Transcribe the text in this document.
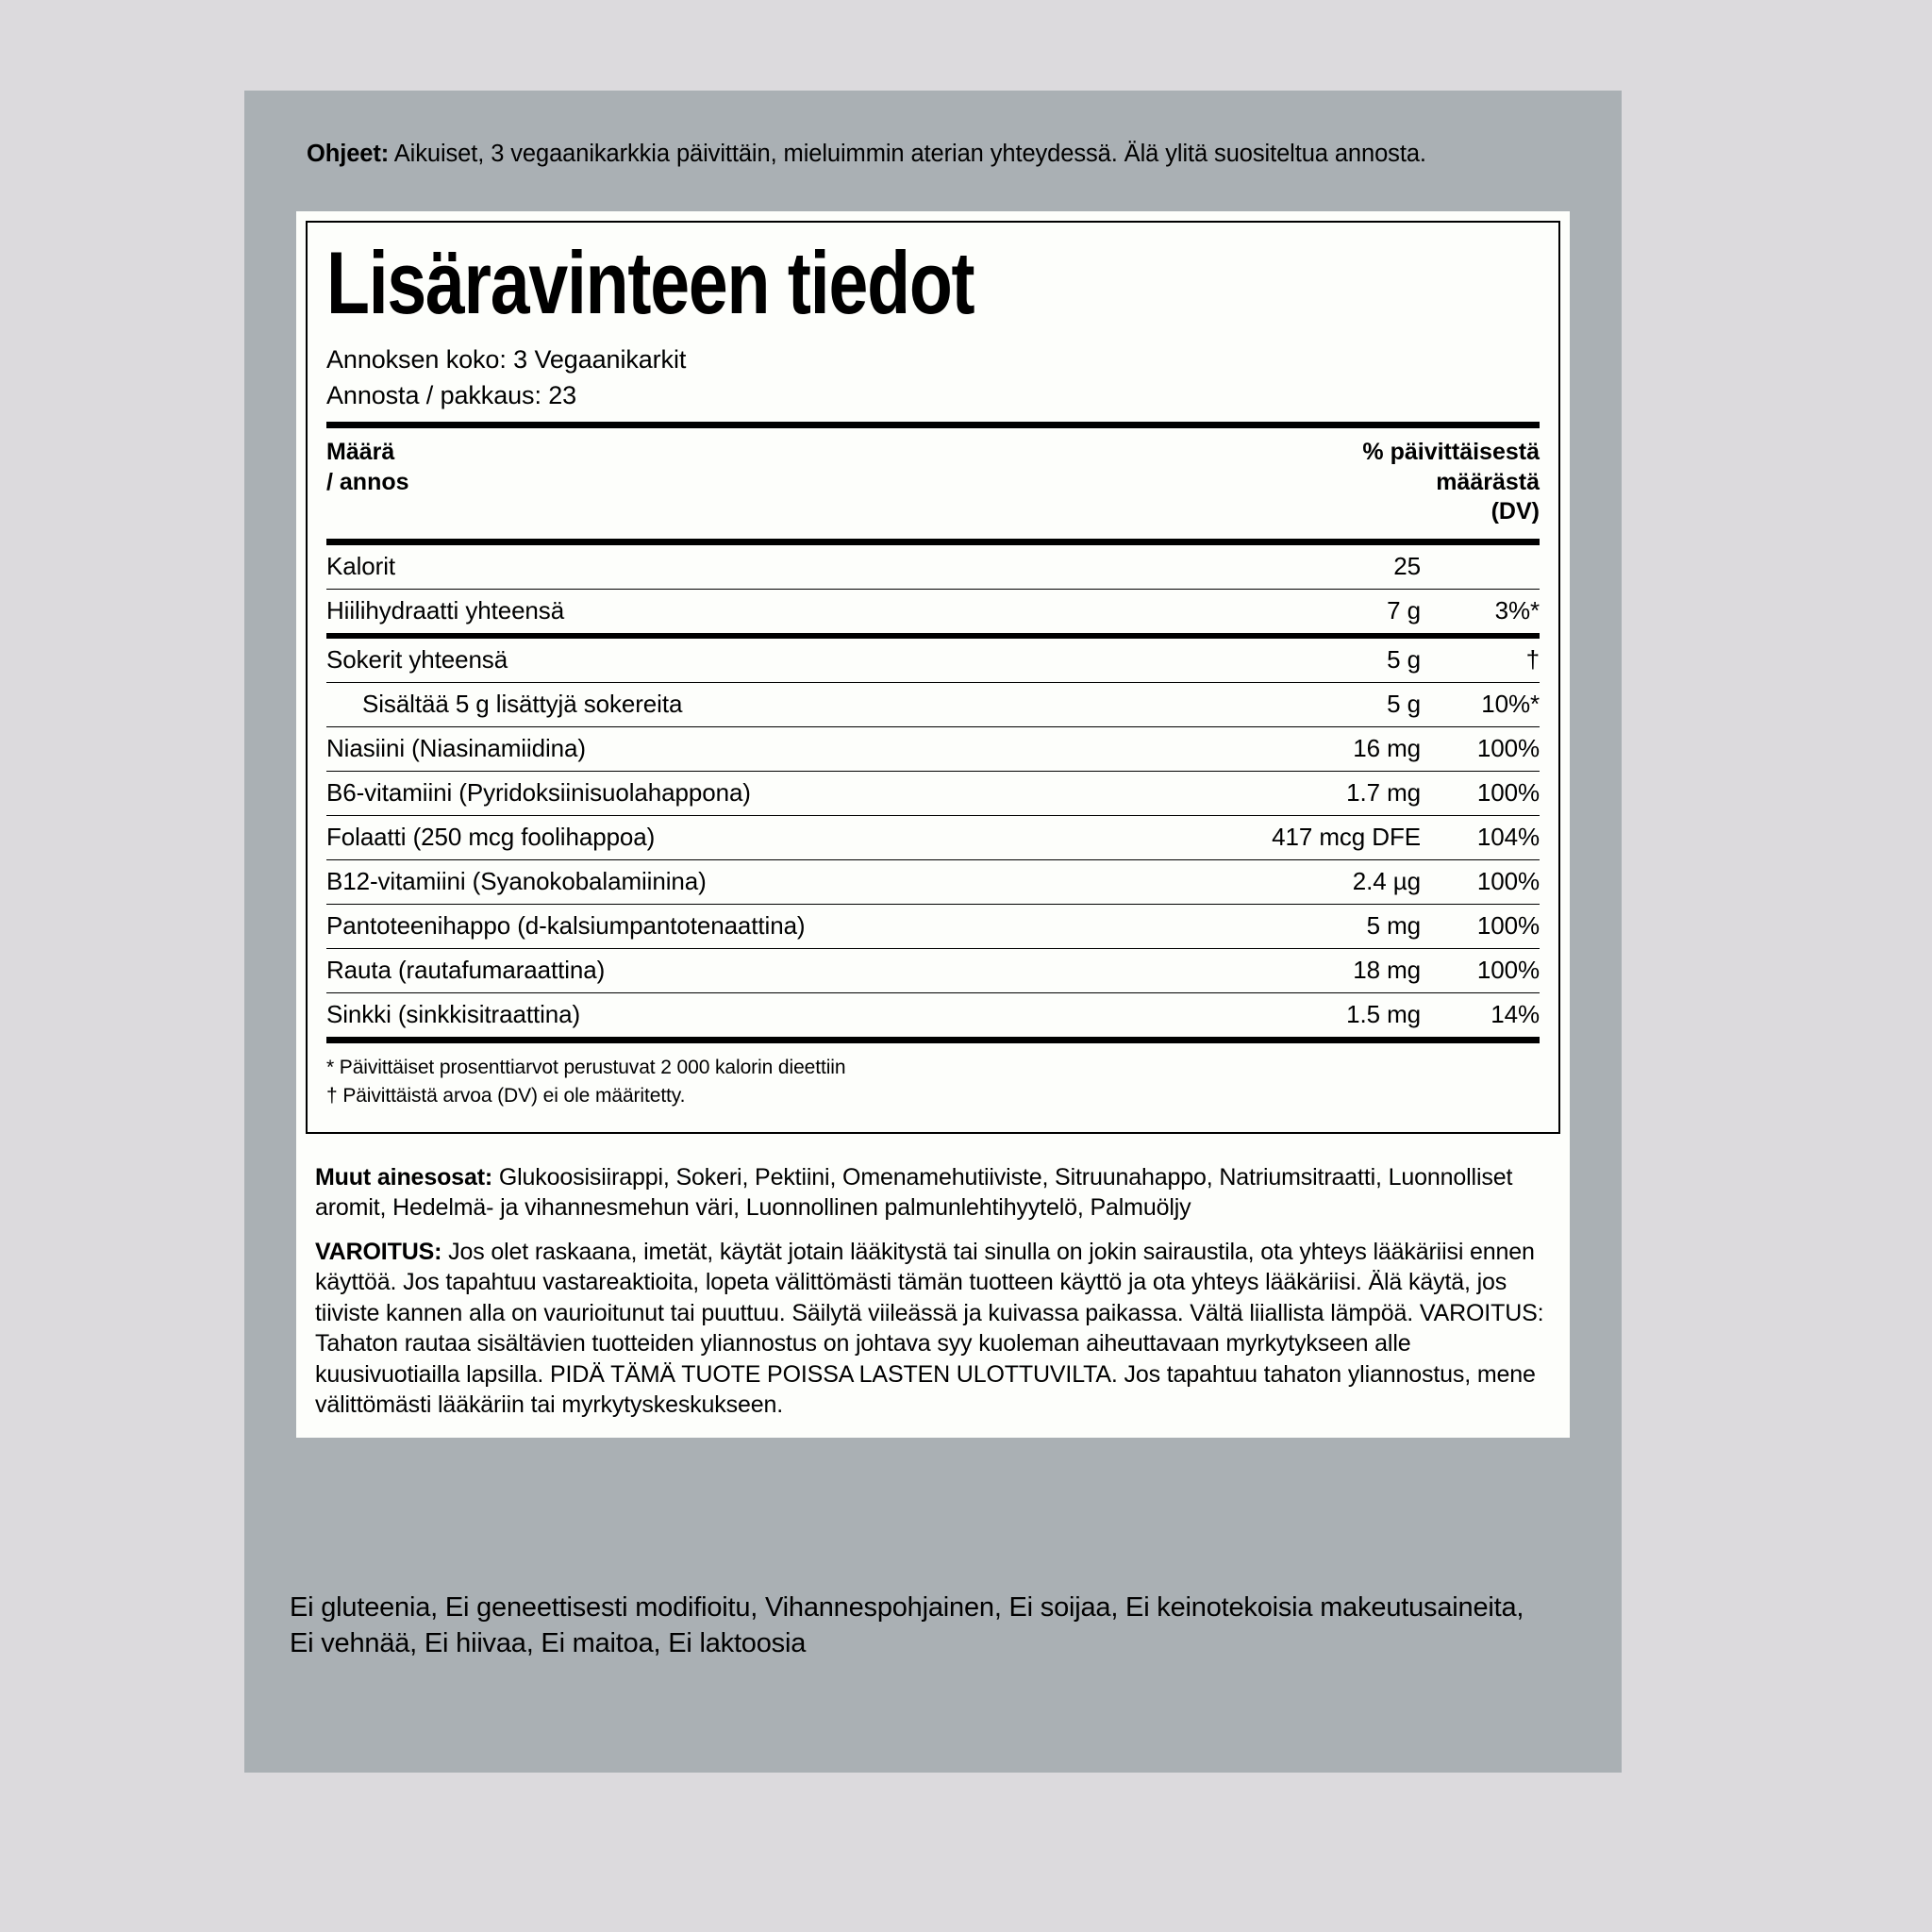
Ohjeet: Aikuiset, 3 vegaanikarkkia päivittäin, mieluimmin aterian yhteydessä. Älä ylitä suositeltua annosta.
Lisäravinteen tiedot
Annoksen koko: 3 Vegaanikarkit
Annosta / pakkaus: 23
Määrä
/ annos
% päivittäisestä
määrästä
(DV)
Kalorit	25	
Hiilihydraatti yhteensä	7 g	3%*
Sokerit yhteensä	5 g	†
Sisältää 5 g lisättyjä sokereita	5 g	10%*
Niasiini (Niasinamiidina)	16 mg	100%
B6-vitamiini (Pyridoksiinisuolahappona)	1.7 mg	100%
Folaatti (250 mcg foolihappoa)	417 mcg DFE	104%
B12-vitamiini (Syanokobalamiinina)	2.4 µg	100%
Pantoteenihappo (d-kalsiumpantotenaattina)	5 mg	100%
Rauta (rautafumaraattina)	18 mg	100%
Sinkki (sinkkisitraattina)	1.5 mg	14%
* Päivittäiset prosenttiarvot perustuvat 2 000 kalorin dieettiin
† Päivittäistä arvoa (DV) ei ole määritetty.

Muut ainesosat: Glukoosisiirappi, Sokeri, Pektiini, Omenamehutiiviste, Sitruunahappo, Natriumsitraatti, Luonnolliset aromit, Hedelmä- ja vihannesmehun väri, Luonnollinen palmunlehtihyytelö, Palmuöljy

VAROITUS: Jos olet raskaana, imetät, käytät jotain lääkitystä tai sinulla on jokin sairaustila, ota yhteys lääkäriisi ennen käyttöä. Jos tapahtuu vastareaktioita, lopeta välittömästi tämän tuotteen käyttö ja ota yhteys lääkäriisi. Älä käytä, jos tiiviste kannen alla on vaurioitunut tai puuttuu. Säilytä viileässä ja kuivassa paikassa. Vältä liiallista lämpöä. VAROITUS: Tahaton rautaa sisältävien tuotteiden yliannostus on johtava syy kuoleman aiheuttavaan myrkytykseen alle kuusivuotiailla lapsilla. PIDÄ TÄMÄ TUOTE POISSA LASTEN ULOTTUVILTA. Jos tapahtuu tahaton yliannostus, mene välittömästi lääkäriin tai myrkytyskeskukseen.

Ei gluteenia, Ei geneettisesti modifioitu, Vihannespohjainen, Ei soijaa, Ei keinotekoisia makeutusaineita, Ei vehnää, Ei hiivaa, Ei maitoa, Ei laktoosia
